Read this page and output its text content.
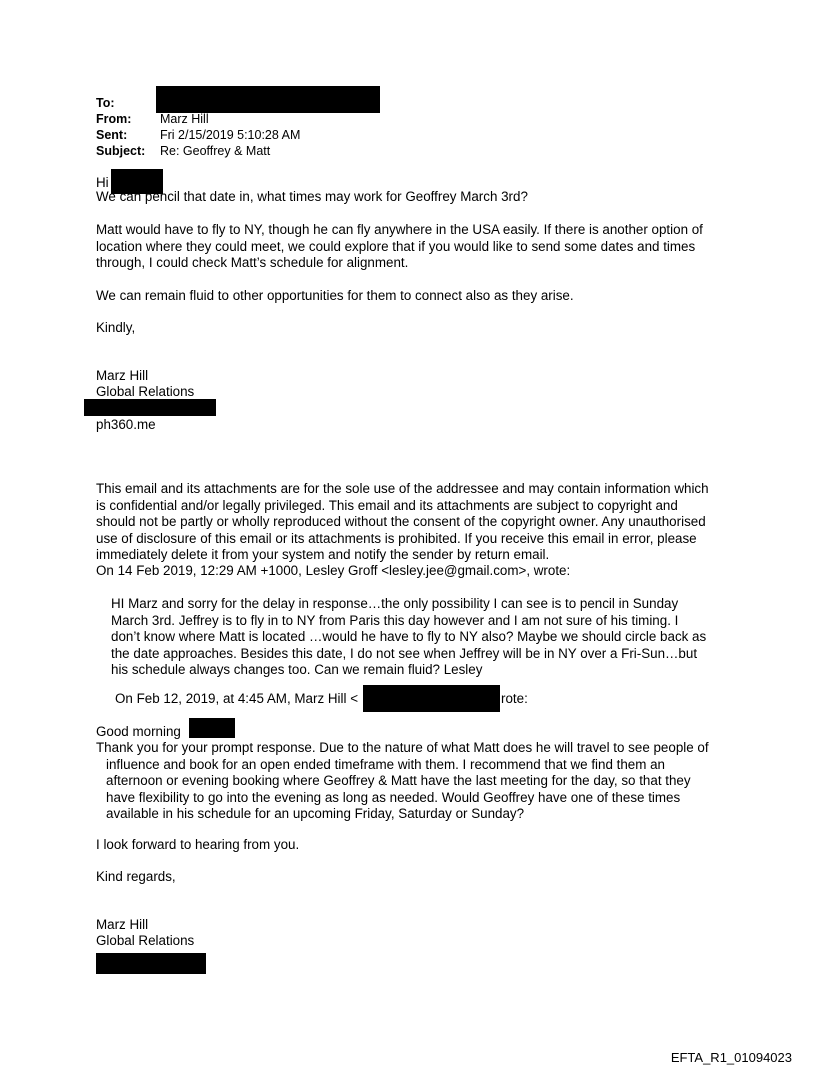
To:
From: Marz Hill
Sent:	Fri 2/15/2019 5:10:28 AM
Subject: Re: Geoffrey & Matt
Hi
We can pencil that date in, what times may work for Geoffrey March 3rd?
Matt would have to fly to NY, though he can fly anywhere in the USA easily. If there is another option of location where they could meet, we could explore that if you would like to send some dates and times through, I could check Matt’s schedule for alignment.
We can remain fluid to other opportunities for them to connect also as they arise.
Kindly,
Marz Hill
Global Relations
ph360.me
This email and its attachments are for the sole use of the addressee and may contain information which is confidential and/or legally privileged. This email and its attachments are subject to copyright and should not be partly or wholly reproduced without the consent of the copyright owner. Any unauthorised use of disclosure of this email or its attachments is prohibited. If you receive this email in error, please immediately delete it from your system and notify the sender by return email.
On 14 Feb 2019, 12:29 AM +1000, Lesley Groff <lesley.jee@gmail.com>, wrote:
HI Marz and sorry for the delay in response…the only possibility I can see is to pencil in Sunday March 3rd. Jeffrey is to fly in to NY from Paris this day however and I am not sure of his timing. I don’t know where Matt is located …would he have to fly to NY also? Maybe we should circle back as the date approaches. Besides this date, I do not see when Jeffrey will be in NY over a Fri-Sun…but his schedule always changes too. Can we remain fluid? Lesley
On Feb 12, 2019, at 4:45 AM, Marz Hill <	rote:
Good morning
Thank you for your prompt response. Due to the nature of what Matt does he will travel to see people of influence and book for an open ended timeframe with them. I recommend that we find them an afternoon or evening booking where Geoffrey & Matt have the last meeting for the day, so that they have flexibility to go into the evening as long as needed. Would Geoffrey have one of these times available in his schedule for an upcoming Friday, Saturday or Sunday?
I look forward to hearing from you.
Kind regards,
Marz Hill
Global Relations
EFTA_R1_01094023
